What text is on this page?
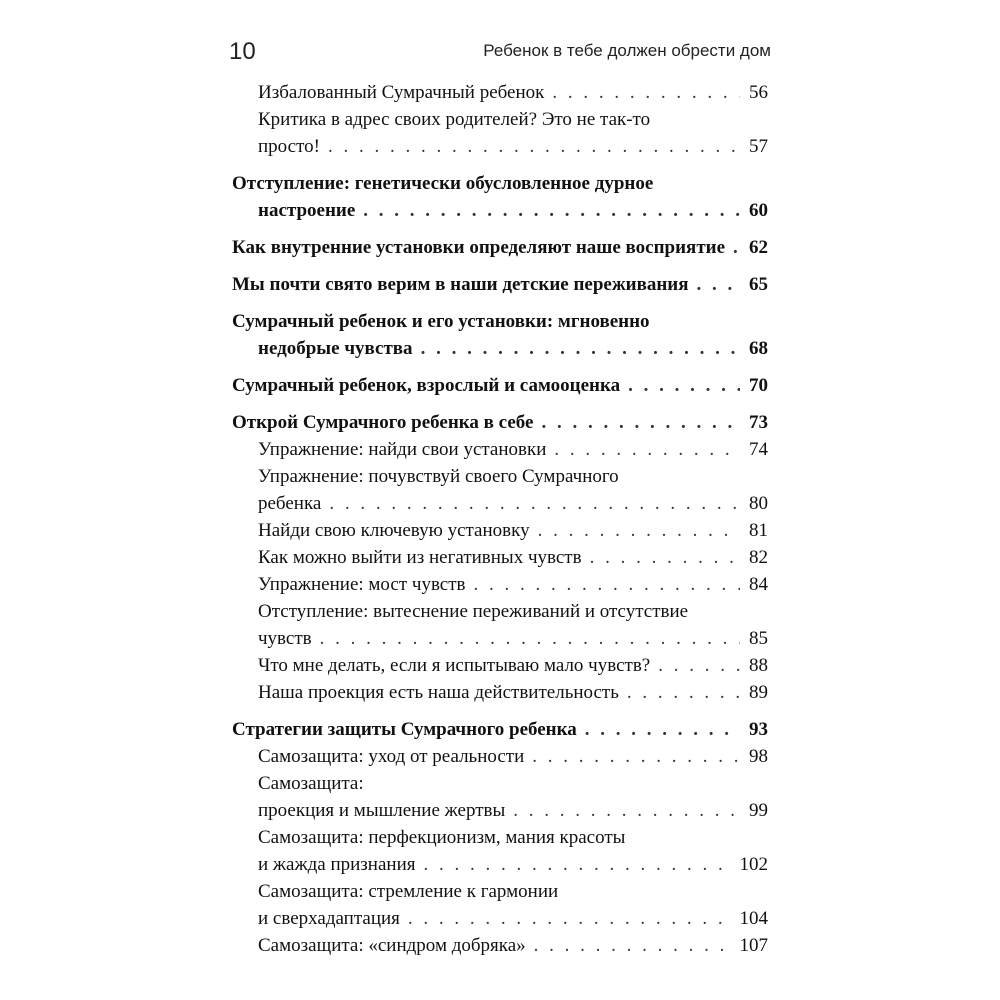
10	Ребенок в тебе должен обрести дом
Избалованный Сумрачный ребенок . . .	56
Критика в адрес своих родителей? Это не так-то
просто! . . .	57
Отступление: генетически обусловленное дурное
настроение . . .	60
Как внутренние установки определяют наше восприятие . . . 62
Мы почти свято верим в наши детские переживания . . .	65
Сумрачный ребенок и его установки: мгновенно
недобрые чувства . . .	68
Сумрачный ребенок, взрослый и самооценка . . .	70
Открой Сумрачного ребенка в себе . . .	73
Упражнение: найди свои установки . . .	74
Упражнение: почувствуй своего Сумрачного
ребенка . . .	80
Найди свою ключевую установку . . .	81
Как можно выйти из негативных чувств . . .	82
Упражнение: мост чувств . . .	84
Отступление: вытеснение переживаний и отсутствие
чувств . . .	85
Что мне делать, если я испытываю мало чувств? . . .	88
Наша проекция есть наша действительность . . .	89
Стратегии защиты Сумрачного ребенка . . .	93
Самозащита: уход от реальности . . .	98
Самозащита:
проекция и мышление жертвы . . .	99
Самозащита: перфекционизм, мания красоты
и жажда признания . . .	102
Самозащита: стремление к гармонии
и сверхадаптация . . .	104
Самозащита: «синдром добряка» . . .	107
